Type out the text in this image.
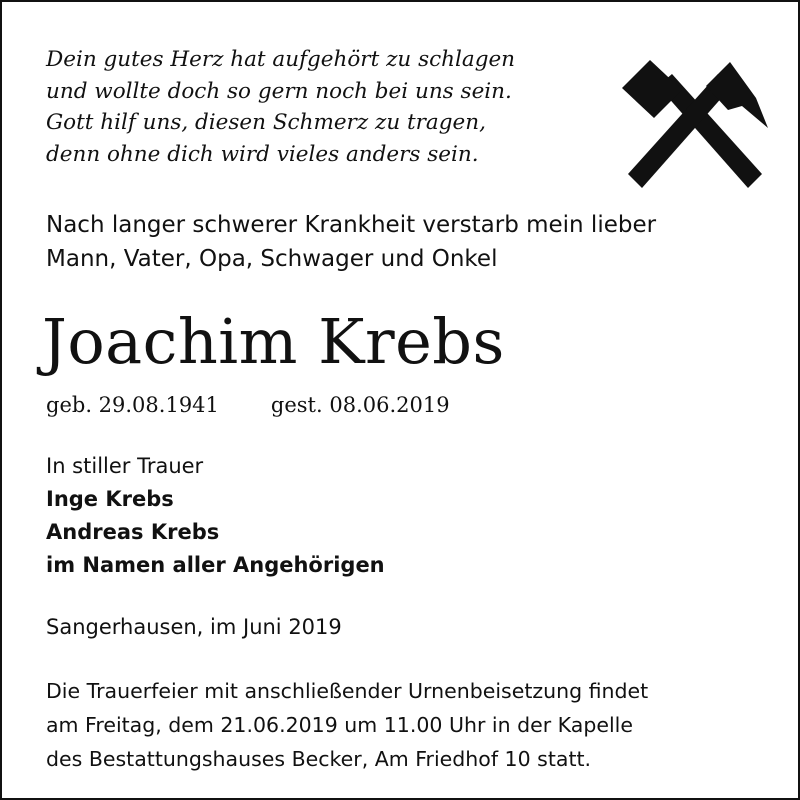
Dein gutes Herz hat aufgehört zu schlagen
und wollte doch so gern noch bei uns sein.
Gott hilf uns, diesen Schmerz zu tragen,
denn ohne dich wird vieles anders sein.
Nach langer schwerer Krankheit verstarb mein lieber
Mann, Vater, Opa, Schwager und Onkel
Joachim Krebs
geb. 29.08.1941 gest. 08.06.2019
In stiller Trauer
Inge Krebs
Andreas Krebs
im Namen aller Angehörigen
Sangerhausen, im Juni 2019
Die Trauerfeier mit anschließender Urnenbeisetzung findet
am Freitag, dem 21.06.2019 um 11.00 Uhr in der Kapelle
des Bestattungshauses Becker, Am Friedhof 10 statt.
